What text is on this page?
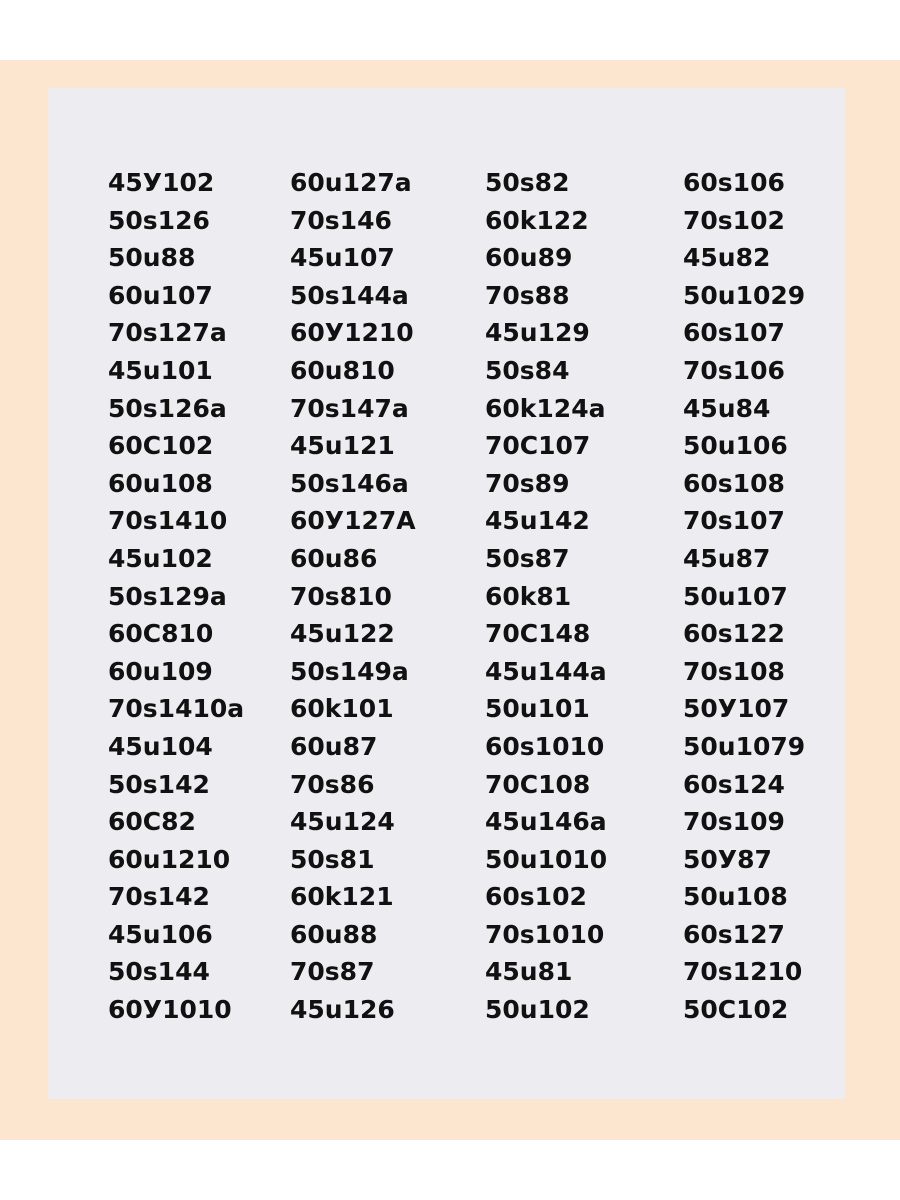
45У102	60u127a	50s82	60s106
50s126	70s146	60k122	70s102
50u88	45u107	60u89	45u82
60u107	50s144a	70s88	50u1029
70s127a	60У1210	45u129	60s107
45u101	60u810	50s84	70s106
50s126a	70s147a	60k124a	45u84
60C102	45u121	70C107	50u106
60u108	50s146a	70s89	60s108
70s1410	60У127A	45u142	70s107
45u102	60u86	50s87	45u87
50s129a	70s810	60k81	50u107
60C810	45u122	70C148	60s122
60u109	50s149a	45u144a	70s108
70s1410a	60k101	50u101	50У107
45u104	60u87	60s1010	50u1079
50s142	70s86	70C108	60s124
60C82	45u124	45u146a	70s109
60u1210	50s81	50u1010	50У87
70s142	60k121	60s102	50u108
45u106	60u88	70s1010	60s127
50s144	70s87	45u81	70s1210
60У1010	45u126	50u102	50C102
